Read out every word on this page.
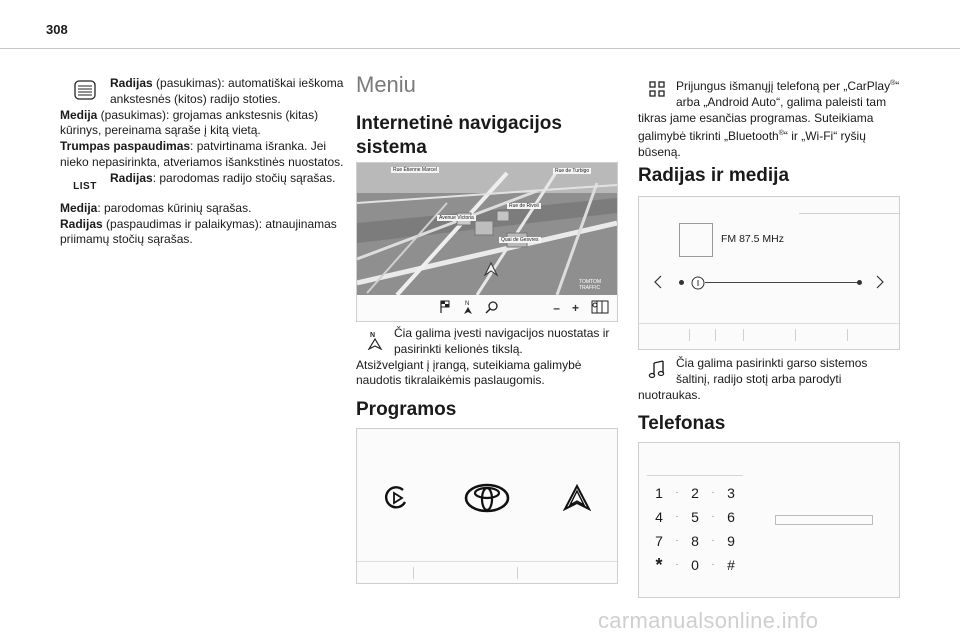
308
Radijas (pasukimas): automatiškai ieškoma ankstesnės (kitos) radijo stoties.
Medija (pasukimas): grojamas ankstesnis (kitas) kūrinys, pereinama sąraše į kitą vietą.
Trumpas paspaudimas: patvirtinama išranka. Jei nieko nepasirinkta, atveriamos išankstinės nuostatos.
LIST
Radijas: parodomas radijo stočių sąrašas.
Medija: parodomas kūrinių sąrašas.
Radijas (paspaudimas ir palaikymas): atnaujinamas priimamų stočių sąrašas.
Meniu
Internetinė navigacijos sistema
Rue Étienne Marcel	Rue de Turbigo
Rue de Rivoli
Avenue Victoria
Quai de Gesvres
TOMTOM
TRAFFIC
N	– +
N Čia galima įvesti navigacijos nuostatas ir pasirinkti kelionės tikslą.
Atsižvelgiant į įrangą, suteikiama galimybė naudotis tikralaikėmis paslaugomis.
Programos
Prijungus išmanųjį telefoną per „CarPlay®“ arba „Android Auto“, galima paleisti tam tikras jame esančias programas. Suteikiama galimybė tikrinti „Bluetooth®“ ir „Wi-Fi“ ryšių būseną.
Radijas ir medija
FM 87.5 MHz
Čia galima pasirinkti garso sistemos šaltinį, radijo stotį arba parodyti nuotraukas.
Telefonas
1	· 2	· 3
4	· 5	· 6
7	· 8	· 9
*	· 0	· #
carmanualsonline.info
